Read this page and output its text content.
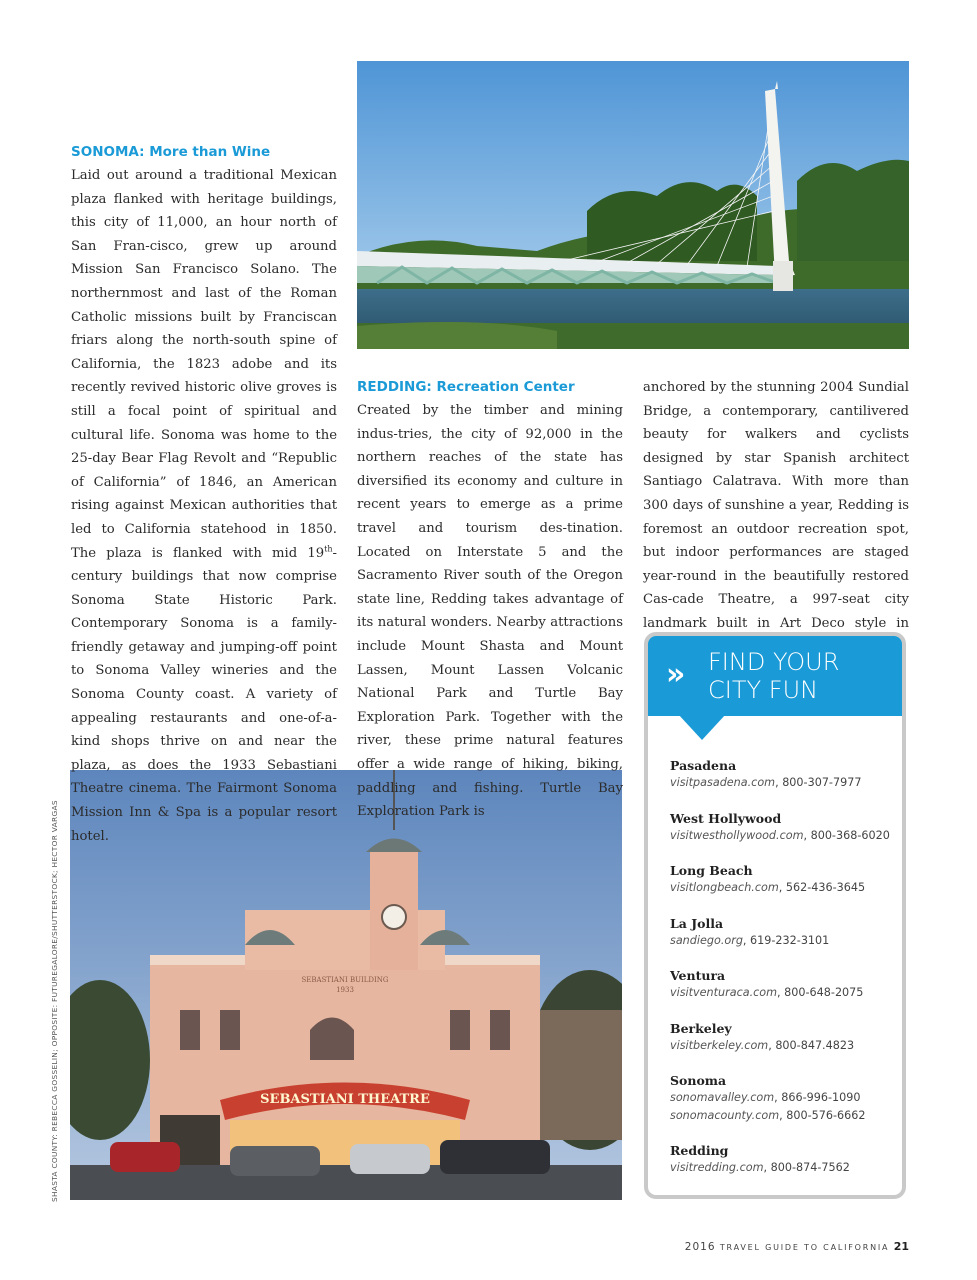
SEBASTIANI THEATRE
SEBASTIANI BUILDING
1933
SHASTA COUNTY: REBECCA GOSSELIN; OPPOSITE: FUTUREGALORE/SHUTTERSTOCK; HECTOR VARGAS
SONOMA: More than Wine

Laid out around a traditional Mexican plaza flanked with heritage buildings, this city of 11,000, an hour north of San Fran-cisco, grew up around Mission San Francisco Solano. The northernmost and last of the Roman Catholic missions built by Franciscan friars along the north-south spine of California, the 1823 adobe and its recently revived historic olive groves is still a focal point of spiritual and cultural life. Sonoma was home to the 25-day Bear Flag Revolt and “Republic of California” of 1846, an American rising against Mexican authorities that led to California statehood in 1850. The plaza is flanked with mid 19th-century buildings that now comprise Sonoma State Historic Park. Contemporary Sonoma is a family-friendly getaway and jumping-off point to Sonoma Valley wineries and the Sonoma County coast. A variety of appealing restaurants and one-of-a-kind shops thrive on and near the plaza, as does the 1933 Sebastiani Theatre cinema. The Fairmont Sonoma Mission Inn & Spa is a popular resort hotel.

REDDING: Recreation Center

Created by the timber and mining indus-tries, the city of 92,000 in the northern reaches of the state has diversified its economy and culture in recent years to emerge as a prime travel and tourism des-tination. Located on Interstate 5 and the Sacramento River south of the Oregon state line, Redding takes advantage of its natural wonders. Nearby attractions include Mount Shasta and Mount Lassen, Mount Lassen Volcanic National Park and Turtle Bay Exploration Park. Together with the river, these prime natural features offer a wide range of hiking, biking, paddling and fishing. Turtle Bay Exploration Park is

anchored by the stunning 2004 Sundial Bridge, a contemporary, cantilivered beauty for walkers and cyclists designed by star Spanish architect Santiago Calatrava. With more than 300 days of sunshine a year, Redding is foremost an outdoor recreation spot, but indoor performances are staged year-round in the beautifully restored Cas-cade Theatre, a 997-seat city landmark built in Art Deco style in

» FIND YOUR
CITY FUN
Pasadena
visitpasadena.com, 800-307-7977
West Hollywood
visitwesthollywood.com, 800-368-6020
Long Beach
visitlongbeach.com, 562-436-3645
La Jolla
sandiego.org, 619-232-3101
Ventura
visitventuraca.com, 800-648-2075
Berkeley
visitberkeley.com, 800-847.4823
Sonoma
sonomavalley.com, 866-996-1090
sonomacounty.com, 800-576-6662
Redding
visitredding.com, 800-874-7562
2016 TRAVEL GUIDE TO CALIFORNIA 21
